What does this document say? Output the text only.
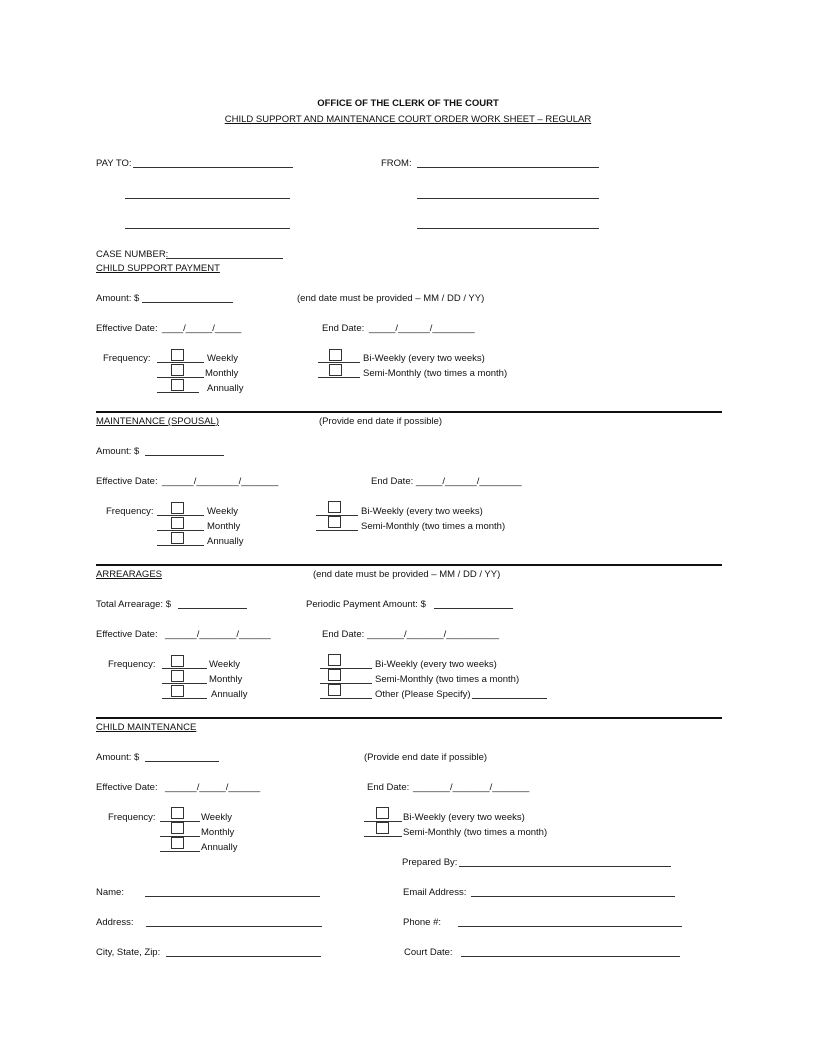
OFFICE OF THE CLERK OF THE COURT
CHILD SUPPORT AND MAINTENANCE COURT ORDER WORK SHEET – REGULAR
PAY TO:	FROM:
CASE NUMBER:
CHILD SUPPORT PAYMENT
Amount: $	(end date must be provided – MM / DD / YY)
Effective Date: ____/_____/_____	End Date: _____/______/________
Frequency:	Weekly
Monthly
Annually
Bi-Weekly (every two weeks)
Semi-Monthly (two times a month)
MAINTENANCE (SPOUSAL)	(Provide end date if possible)
Amount: $
Effective Date: ______/________/_______	End Date: _____/______/________
Frequency:	Weekly
Monthly
Annually
Bi-Weekly (every two weeks)
Semi-Monthly (two times a month)
ARREARAGES	(end date must be provided – MM / DD / YY)
Total Arrearage: $	Periodic Payment Amount: $
Effective Date: ______/_______/______	End Date: _______/_______/__________
Frequency:	Weekly
Monthly
Annually
Bi-Weekly (every two weeks)
Semi-Monthly (two times a month)
Other (Please Specify)
CHILD MAINTENANCE
Amount: $	(Provide end date if possible)
Effective Date: ______/_____/______	End Date: _______/_______/_______
Frequency:	Weekly
Monthly
Annually
Bi-Weekly (every two weeks)
Semi-Monthly (two times a month)
Prepared By:
Name:	Email Address:
Address:	Phone #:
City, State, Zip:	Court Date:
